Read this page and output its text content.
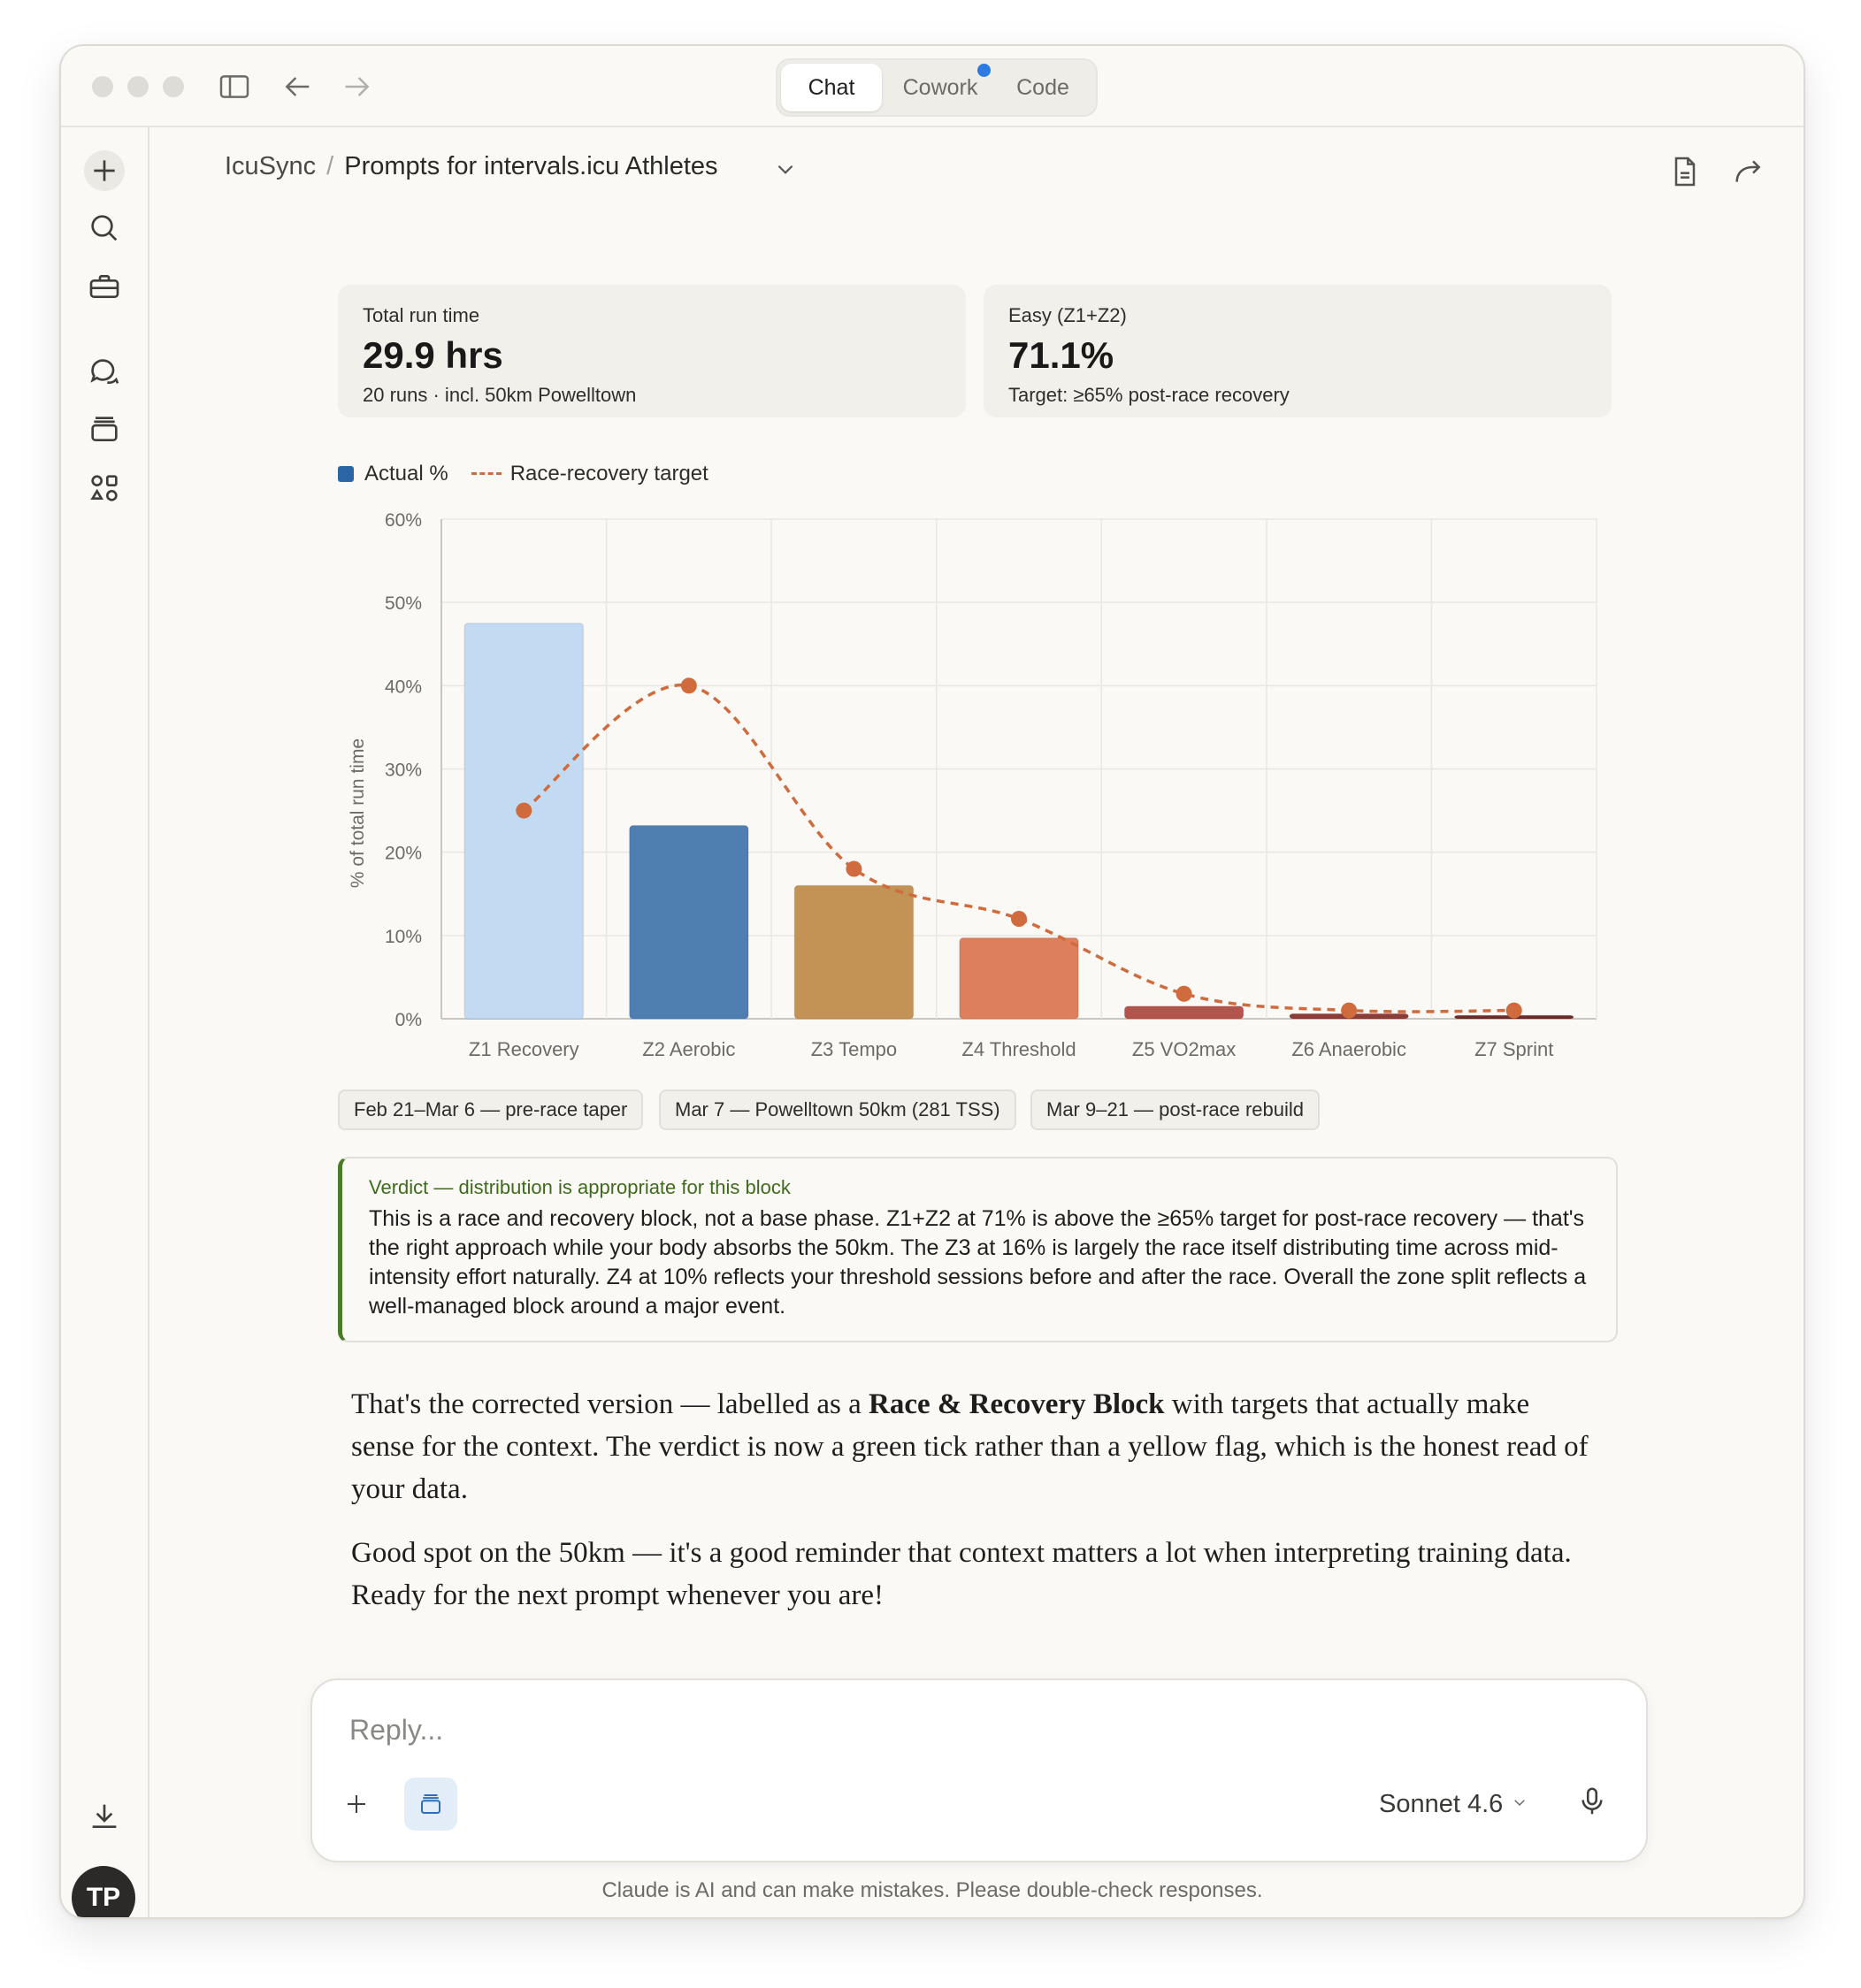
Chat	Cowork	Code
TP
IcuSync / Prompts for intervals.icu Athletes
Total run time
29.9 hrs
20 runs · incl. 50km Powelltown
Easy (Z1+Z2)
71.1%
Target: ≥65% post-race recovery
Actual %	Race-recovery target
0%
10%
20%
30%
40%
50%
60%
% of total run time
Z1 Recovery	Z2 Aerobic	Z3 Tempo	Z4 Threshold	Z5 VO2max	Z6 Anaerobic	Z7 Sprint
Feb 21–Mar 6 — pre-race taper	Mar 7 — Powelltown 50km (281 TSS)	Mar 9–21 — post-race rebuild
Verdict — distribution is appropriate for this block
This is a race and recovery block, not a base phase. Z1+Z2 at 71% is above the ≥65% target for post-race recovery — that's the right approach while your body absorbs the 50km. The Z3 at 16% is largely the race itself distributing time across mid-intensity effort naturally. Z4 at 10% reflects your threshold sessions before and after the race. Overall the zone split reflects a well-managed block around a major event.
That's the corrected version — labelled as a Race & Recovery Block with targets that actually make sense for the context. The verdict is now a green tick rather than a yellow flag, which is the honest read of your data.
Good spot on the 50km — it's a good reminder that context matters a lot when interpreting training data. Ready for the next prompt whenever you are!
Reply...
Sonnet 4.6
Claude is AI and can make mistakes. Please double-check responses.
